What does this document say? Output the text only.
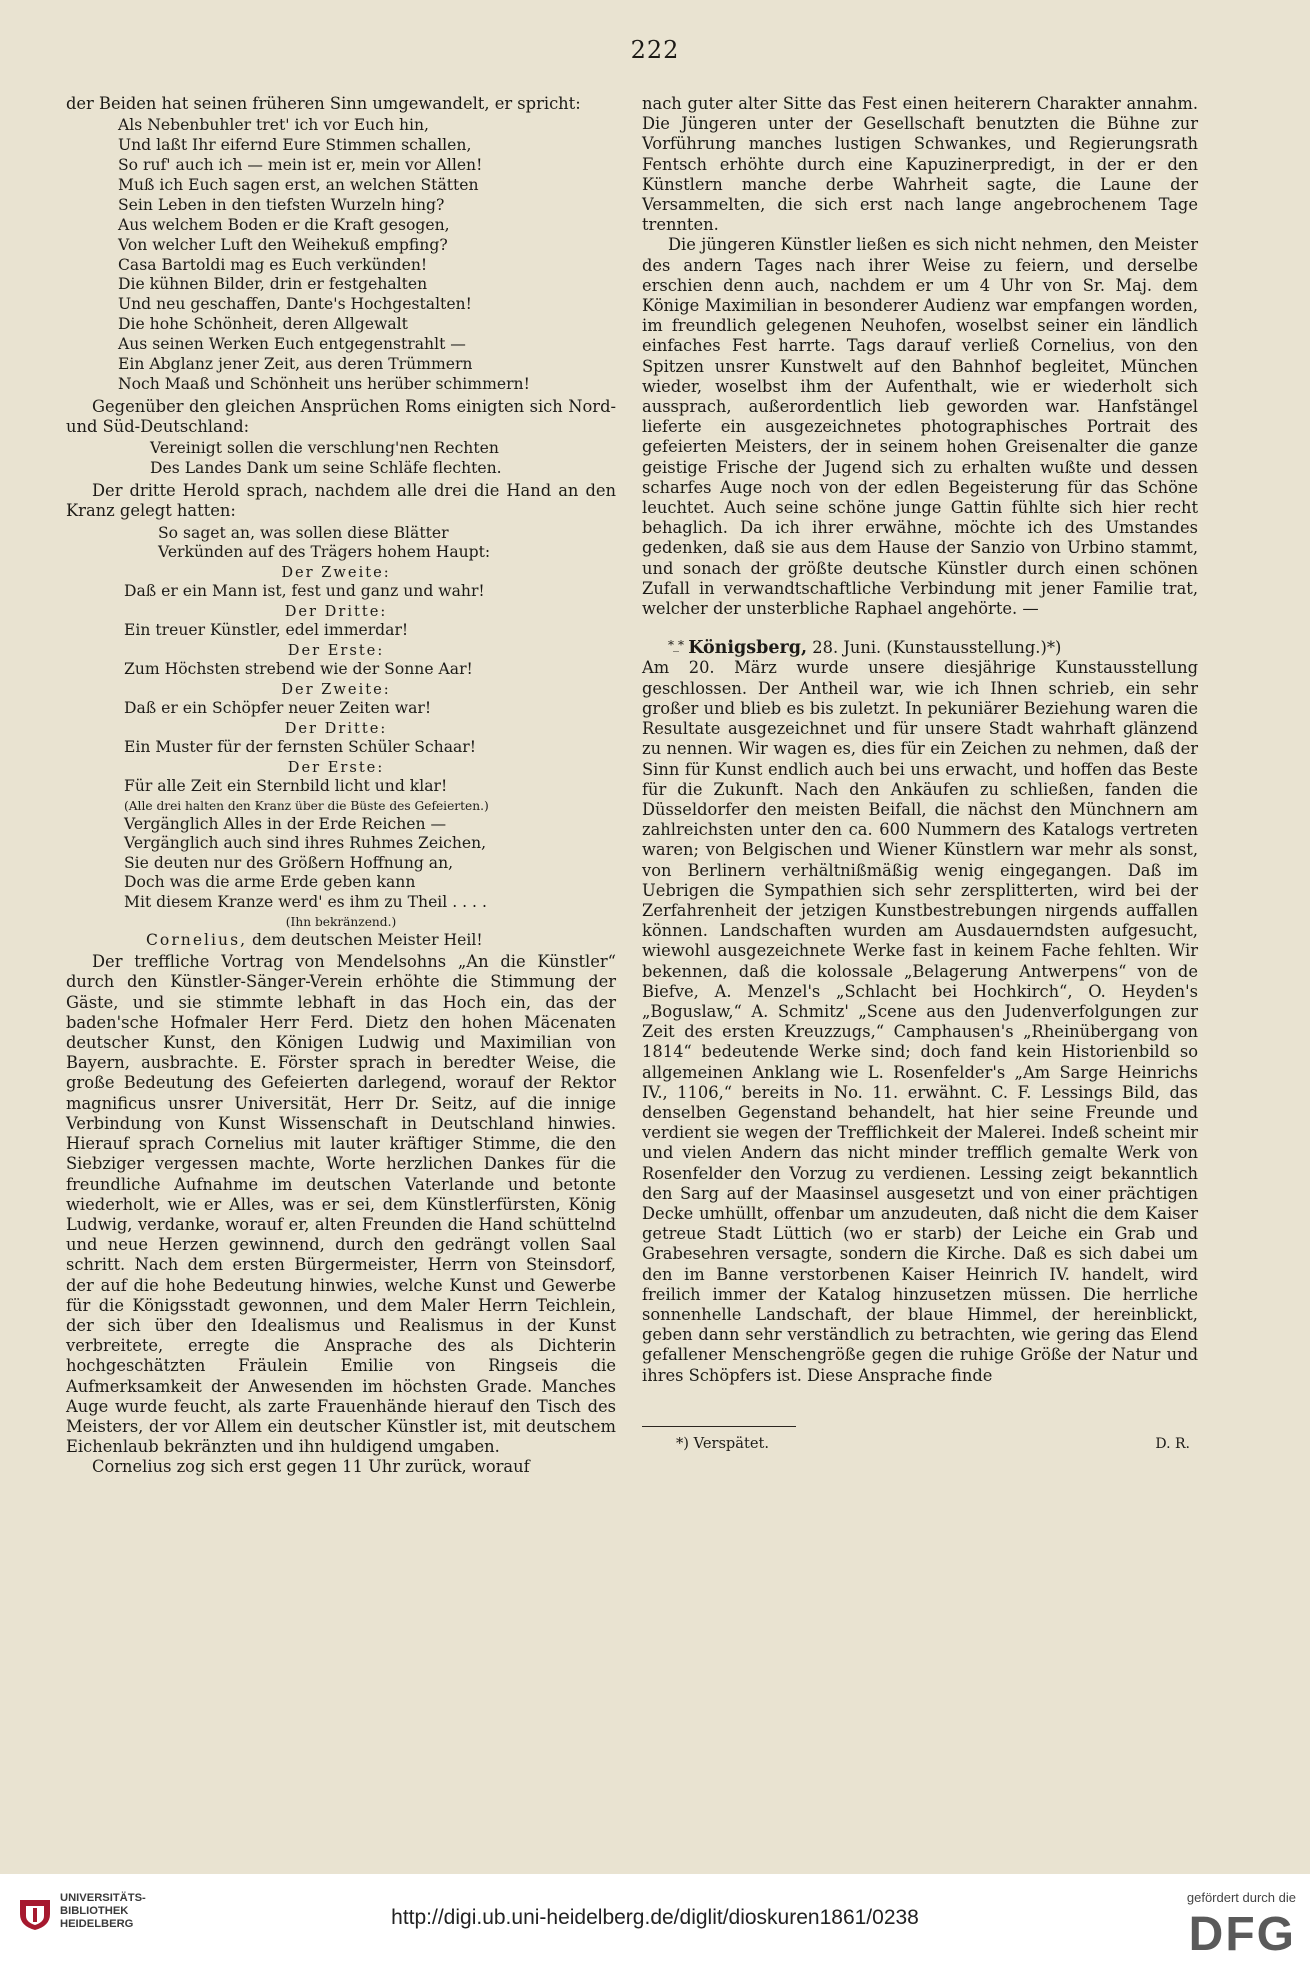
222

der Beiden hat seinen früheren Sinn umgewandelt, er spricht:

Als Nebenbuhler tret' ich vor Euch hin,
Und laßt Ihr eifernd Eure Stimmen schallen,
So ruf' auch ich — mein ist er, mein vor Allen!
Muß ich Euch sagen erst, an welchen Stätten
Sein Leben in den tiefsten Wurzeln hing?
Aus welchem Boden er die Kraft gesogen,
Von welcher Luft den Weihekuß empfing?
Casa Bartoldi mag es Euch verkünden!
Die kühnen Bilder, drin er festgehalten
Und neu geschaffen, Dante's Hochgestalten!
Die hohe Schönheit, deren Allgewalt
Aus seinen Werken Euch entgegenstrahlt —
Ein Abglanz jener Zeit, aus deren Trümmern
Noch Maaß und Schönheit uns herüber schimmern!

Gegenüber den gleichen Ansprüchen Roms einigten sich Nord- und Süd-Deutschland:

Vereinigt sollen die verschlung'nen Rechten
Des Landes Dank um seine Schläfe flechten.

Der dritte Herold sprach, nachdem alle drei die Hand an den Kranz gelegt hatten:

So saget an, was sollen diese Blätter
Verkünden auf des Trägers hohem Haupt:
Der Zweite:
Daß er ein Mann ist, fest und ganz und wahr!
Der Dritte:
Ein treuer Künstler, edel immerdar!
Der Erste:
Zum Höchsten strebend wie der Sonne Aar!
Der Zweite:
Daß er ein Schöpfer neuer Zeiten war!
Der Dritte:
Ein Muster für der fernsten Schüler Schaar!
Der Erste:
Für alle Zeit ein Sternbild licht und klar!
(Alle drei halten den Kranz über die Büste des Gefeierten.)
Vergänglich Alles in der Erde Reichen —
Vergänglich auch sind ihres Ruhmes Zeichen,
Sie deuten nur des Größern Hoffnung an,
Doch was die arme Erde geben kann
Mit diesem Kranze werd' es ihm zu Theil . . . .
(Ihn bekränzend.)
Cornelius, dem deutschen Meister Heil!

Der treffliche Vortrag von Mendelsohns „An die Künstler“ durch den Künstler-Sänger-Verein erhöhte die Stimmung der Gäste, und sie stimmte lebhaft in das Hoch ein, das der baden'sche Hofmaler Herr Ferd. Dietz den hohen Mäcenaten deutscher Kunst, den Königen Ludwig und Maximilian von Bayern, ausbrachte. E. Förster sprach in beredter Weise, die große Bedeutung des Gefeierten darlegend, worauf der Rektor magnificus unsrer Universität, Herr Dr. Seitz, auf die innige Verbindung von Kunst Wissenschaft in Deutschland hinwies. Hierauf sprach Cornelius mit lauter kräftiger Stimme, die den Siebziger vergessen machte, Worte herzlichen Dankes für die freundliche Aufnahme im deutschen Vaterlande und betonte wiederholt, wie er Alles, was er sei, dem Künstlerfürsten, König Ludwig, verdanke, worauf er, alten Freunden die Hand schüttelnd und neue Herzen gewinnend, durch den gedrängt vollen Saal schritt. Nach dem ersten Bürgermeister, Herrn von Steinsdorf, der auf die hohe Bedeutung hinwies, welche Kunst und Gewerbe für die Königsstadt gewonnen, und dem Maler Herrn Teichlein, der sich über den Idealismus und Realismus in der Kunst verbreitete, erregte die Ansprache des als Dichterin hochgeschätzten Fräulein Emilie von Ringseis die Aufmerksamkeit der Anwesenden im höchsten Grade. Manches Auge wurde feucht, als zarte Frauenhände hierauf den Tisch des Meisters, der vor Allem ein deutscher Künstler ist, mit deutschem Eichenlaub bekränzten und ihn huldigend umgaben.

Cornelius zog sich erst gegen 11 Uhr zurück, worauf

nach guter alter Sitte das Fest einen heiterern Charakter annahm. Die Jüngeren unter der Gesellschaft benutzten die Bühne zur Vorführung manches lustigen Schwankes, und Regierungsrath Fentsch erhöhte durch eine Kapuzinerpredigt, in der er den Künstlern manche derbe Wahrheit sagte, die Laune der Versammelten, die sich erst nach lange angebrochenem Tage trennten.

Die jüngeren Künstler ließen es sich nicht nehmen, den Meister des andern Tages nach ihrer Weise zu feiern, und derselbe erschien denn auch, nachdem er um 4 Uhr von Sr. Maj. dem Könige Maximilian in besonderer Audienz war empfangen worden, im freundlich gelegenen Neuhofen, woselbst seiner ein ländlich einfaches Fest harrte. Tags darauf verließ Cornelius, von den Spitzen unsrer Kunstwelt auf den Bahnhof begleitet, München wieder, woselbst ihm der Aufenthalt, wie er wiederholt sich aussprach, außerordentlich lieb geworden war. Hanfstängel lieferte ein ausgezeichnetes photographisches Portrait des gefeierten Meisters, der in seinem hohen Greisenalter die ganze geistige Frische der Jugend sich zu erhalten wußte und dessen scharfes Auge noch von der edlen Begeisterung für das Schöne leuchtet. Auch seine schöne junge Gattin fühlte sich hier recht behaglich. Da ich ihrer erwähne, möchte ich des Umstandes gedenken, daß sie aus dem Hause der Sanzio von Urbino stammt, und sonach der größte deutsche Künstler durch einen schönen Zufall in verwandtschaftliche Verbindung mit jener Familie trat, welcher der unsterbliche Raphael angehörte. —

*_* Königsberg, 28. Juni. (Kunstausstellung.)*)

Am 20. März wurde unsere diesjährige Kunstausstellung geschlossen. Der Antheil war, wie ich Ihnen schrieb, ein sehr großer und blieb es bis zuletzt. In pekuniärer Beziehung waren die Resultate ausgezeichnet und für unsere Stadt wahrhaft glänzend zu nennen. Wir wagen es, dies für ein Zeichen zu nehmen, daß der Sinn für Kunst endlich auch bei uns erwacht, und hoffen das Beste für die Zukunft. Nach den Ankäufen zu schließen, fanden die Düsseldorfer den meisten Beifall, die nächst den Münchnern am zahlreichsten unter den ca. 600 Nummern des Katalogs vertreten waren; von Belgischen und Wiener Künstlern war mehr als sonst, von Berlinern verhältnißmäßig wenig eingegangen. Daß im Uebrigen die Sympathien sich sehr zersplitterten, wird bei der Zerfahrenheit der jetzigen Kunstbestrebungen nirgends auffallen können. Landschaften wurden am Ausdauerndsten aufgesucht, wiewohl ausgezeichnete Werke fast in keinem Fache fehlten. Wir bekennen, daß die kolossale „Belagerung Antwerpens“ von de Biefve, A. Menzel's „Schlacht bei Hochkirch“, O. Heyden's „Boguslaw,“ A. Schmitz' „Scene aus den Judenverfolgungen zur Zeit des ersten Kreuzzugs,“ Camphausen's „Rheinübergang von 1814“ bedeutende Werke sind; doch fand kein Historienbild so allgemeinen Anklang wie L. Rosenfelder's „Am Sarge Heinrichs IV., 1106,“ bereits in No. 11. erwähnt. C. F. Lessings Bild, das denselben Gegenstand behandelt, hat hier seine Freunde und verdient sie wegen der Trefflichkeit der Malerei. Indeß scheint mir und vielen Andern das nicht minder trefflich gemalte Werk von Rosenfelder den Vorzug zu verdienen. Lessing zeigt bekanntlich den Sarg auf der Maasinsel ausgesetzt und von einer prächtigen Decke umhüllt, offenbar um anzudeuten, daß nicht die dem Kaiser getreue Stadt Lüttich (wo er starb) der Leiche ein Grab und Grabesehren versagte, sondern die Kirche. Daß es sich dabei um den im Banne verstorbenen Kaiser Heinrich IV. handelt, wird freilich immer der Katalog hinzusetzen müssen. Die herrliche sonnenhelle Landschaft, der blaue Himmel, der hereinblickt, geben dann sehr verständlich zu betrachten, wie gering das Elend gefallener Menschengröße gegen die ruhige Größe der Natur und ihres Schöpfers ist. Diese Ansprache finde

*) Verspätet.	D. R.
UNIVERSITÄTS-
BIBLIOTHEK
HEIDELBERG	http://digi.ub.uni-heidelberg.de/diglit/dioskuren1861/0238
gefördert durch die
DFG
